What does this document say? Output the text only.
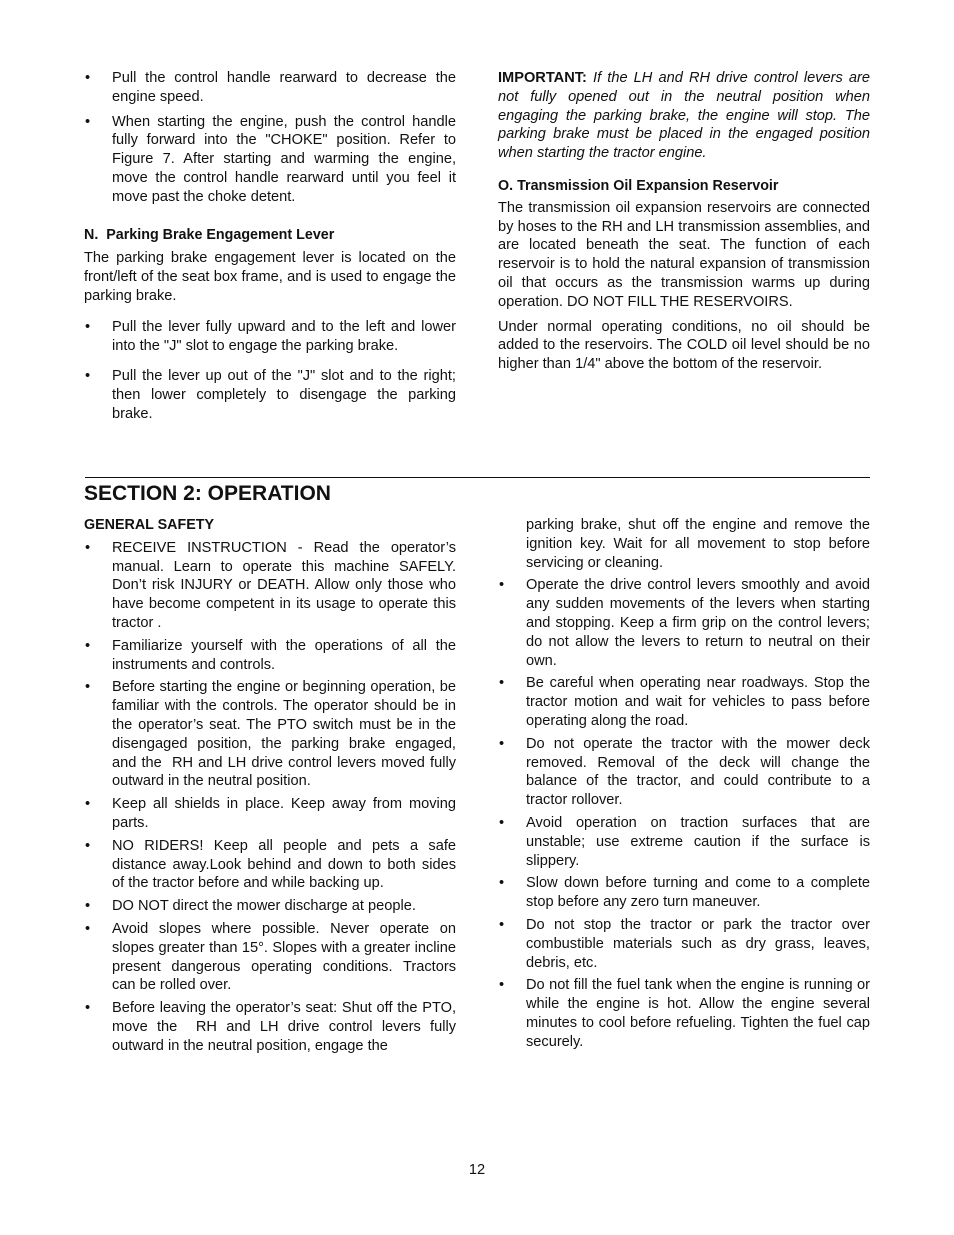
• Pull the control handle rearward to decrease the engine speed.
• When starting the engine, push the control handle fully forward into the "CHOKE" position. Refer to Figure 7. After starting and warming the engine, move the control handle rearward until you feel it move past the choke detent.

N.  Parking Brake Engagement Lever

The parking brake engagement lever is located on the front/left of the seat box frame, and is used to engage the parking brake.

• Pull the lever fully upward and to the left and lower into the "J" slot to engage the parking brake.
• Pull the lever up out of the "J" slot and to the right; then lower completely to disengage the parking brake.

IMPORTANT: If the LH and RH drive control levers are not fully opened out in the neutral position when engaging the parking brake, the engine will stop. The parking brake must be placed in the engaged position when starting the tractor engine.

O. Transmission Oil Expansion Reservoir

The transmission oil expansion reservoirs are connected by hoses to the RH and LH transmission assemblies, and are located beneath the seat. The function of each reservoir is to hold the natural expansion of transmission oil that occurs as the transmission warms up during operation. DO NOT FILL THE RESERVOIRS.

Under normal operating conditions, no oil should be added to the reservoirs. The COLD oil level should be no higher than 1/4" above the bottom of the reservoir.

SECTION 2: OPERATION

GENERAL SAFETY

• RECEIVE INSTRUCTION - Read the operator’s manual. Learn to operate this machine SAFELY. Don’t risk INJURY or DEATH. Allow only those who have become competent in its usage to operate this tractor .
• Familiarize yourself with the operations of all the instruments and controls.
• Before starting the engine or beginning operation, be familiar with the controls. The operator should be in the operator’s seat. The PTO switch must be in the disengaged position, the parking brake engaged, and the  RH and LH drive control levers moved fully outward in the neutral position.
• Keep all shields in place. Keep away from moving parts.
• NO RIDERS! Keep all people and pets a safe distance away.Look behind and down to both sides of the tractor before and while backing up.
• DO NOT direct the mower discharge at people.
• Avoid slopes where possible. Never operate on slopes greater than 15°. Slopes with a greater incline present dangerous operating conditions. Tractors can be rolled over.
• Before leaving the operator’s seat: Shut off the PTO, move the  RH and LH drive control levers fully outward in the neutral position, engage the

parking brake, shut off the engine and remove the ignition key. Wait for all movement to stop before servicing or cleaning.

• Operate the drive control levers smoothly and avoid any sudden movements of the levers when starting and stopping. Keep a firm grip on the control levers; do not allow the levers to return to neutral on their own.
• Be careful when operating near roadways. Stop the tractor motion and wait for vehicles to pass before operating along the road.
• Do not operate the tractor with the mower deck removed. Removal of the deck will change the balance of the tractor, and could contribute to a tractor rollover.
• Avoid operation on traction surfaces that are unstable; use extreme caution if the surface is slippery.
• Slow down before turning and come to a complete stop before any zero turn maneuver.
• Do not stop the tractor or park the tractor over combustible materials such as dry grass, leaves, debris, etc.
• Do not fill the fuel tank when the engine is running or while the engine is hot. Allow the engine several minutes to cool before refueling. Tighten the fuel cap securely.
12
